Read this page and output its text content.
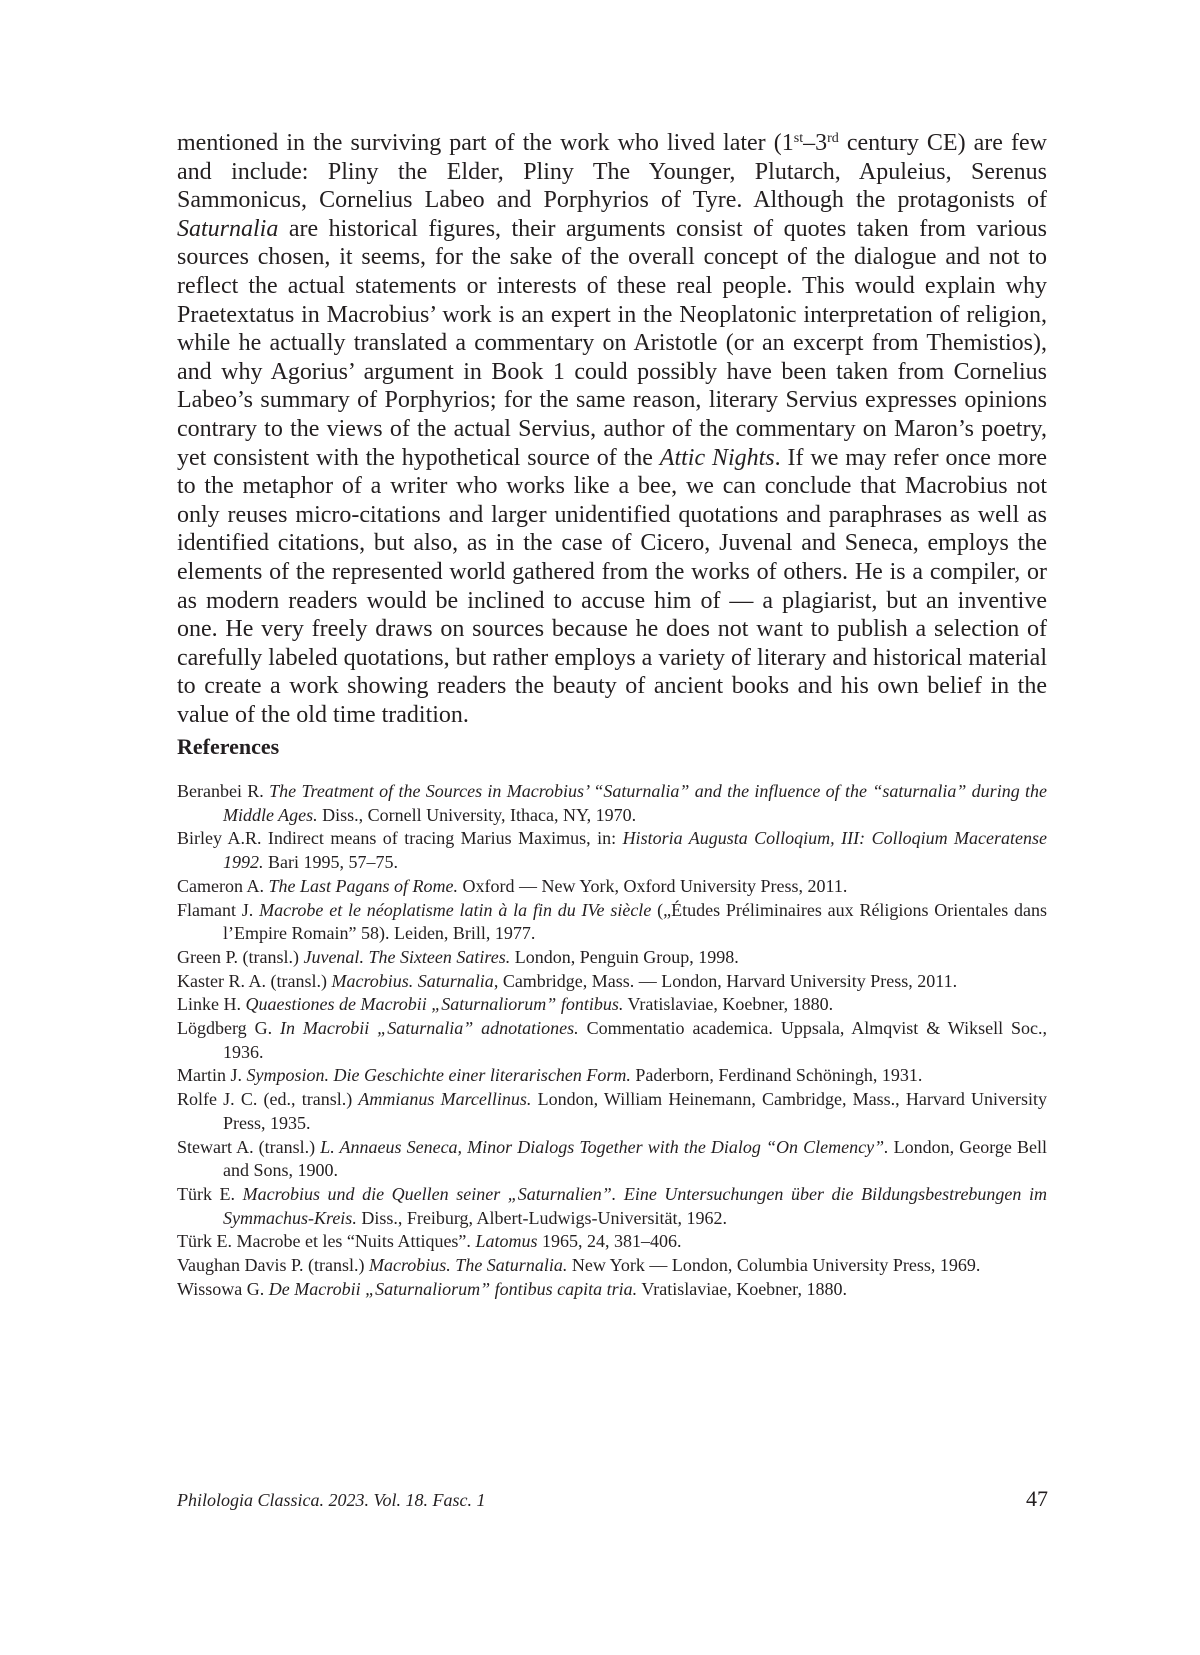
mentioned in the surviving part of the work who lived later (1st–3rd century CE) are few and include: Pliny the Elder, Pliny The Younger, Plutarch, Apuleius, Serenus Sammonicus, Cornelius Labeo and Porphyrios of Tyre. Although the protagonists of Saturnalia are historical figures, their arguments consist of quotes taken from various sources chosen, it seems, for the sake of the overall concept of the dialogue and not to reflect the actual statements or interests of these real people. This would explain why Praetextatus in Macrobius’ work is an expert in the Neoplatonic interpretation of religion, while he actually translated a commentary on Aristotle (or an excerpt from Themistios), and why Agorius’ argument in Book 1 could possibly have been taken from Cornelius Labeo’s summary of Porphyrios; for the same reason, literary Servius expresses opinions contrary to the views of the actual Servius, author of the commentary on Maron’s poetry, yet consistent with the hypothetical source of the Attic Nights. If we may refer once more to the metaphor of a writer who works like a bee, we can conclude that Macrobius not only reuses micro-citations and larger unidentified quotations and paraphrases as well as identified citations, but also, as in the case of Cicero, Juvenal and Seneca, employs the elements of the represented world gathered from the works of others. He is a compiler, or as modern readers would be inclined to accuse him of — a plagiarist, but an inventive one. He very freely draws on sources because he does not want to publish a selection of carefully labeled quotations, but rather employs a variety of literary and historical material to create a work showing readers the beauty of ancient books and his own belief in the value of the old time tradition.

References
Beranbei R. The Treatment of the Sources in Macrobius’ “Saturnalia” and the influence of the “saturnalia” during the Middle Ages. Diss., Cornell University, Ithaca, NY, 1970.
Birley A.R. Indirect means of tracing Marius Maximus, in: Historia Augusta Colloqium, III: Colloqium Maceratense 1992. Bari 1995, 57–75.
Cameron A. The Last Pagans of Rome. Oxford — New York, Oxford University Press, 2011.
Flamant J. Macrobe et le néoplatisme latin à la fin du IVe siècle („Études Préliminaires aux Réligions Orientales dans l’Empire Romain” 58). Leiden, Brill, 1977.
Green P. (transl.) Juvenal. The Sixteen Satires. London, Penguin Group, 1998.
Kaster R. A. (transl.) Macrobius. Saturnalia, Cambridge, Mass. — London, Harvard University Press, 2011.
Linke H. Quaestiones de Macrobii „Saturnaliorum” fontibus. Vratislaviae, Koebner, 1880.
Lögdberg G. In Macrobii „Saturnalia” adnotationes. Commentatio academica. Uppsala, Almqvist & Wiksell Soc., 1936.
Martin J. Symposion. Die Geschichte einer literarischen Form. Paderborn, Ferdinand Schöningh, 1931.
Rolfe J. C. (ed., transl.) Ammianus Marcellinus. London, William Heinemann, Cambridge, Mass., Harvard University Press, 1935.
Stewart A. (transl.) L. Annaeus Seneca, Minor Dialogs Together with the Dialog “On Clemency”. London, George Bell and Sons, 1900.
Türk E. Macrobius und die Quellen seiner „Saturnalien”. Eine Untersuchungen über die Bildungsbestrebungen im Symmachus-Kreis. Diss., Freiburg, Albert-Ludwigs-Universität, 1962.
Türk E. Macrobe et les “Nuits Attiques”. Latomus 1965, 24, 381–406.
Vaughan Davis P. (transl.) Macrobius. The Saturnalia. New York — London, Columbia University Press, 1969.
Wissowa G. De Macrobii „Saturnaliorum” fontibus capita tria. Vratislaviae, Koebner, 1880.
Philologia Classica. 2023. Vol. 18. Fasc. 1	47
